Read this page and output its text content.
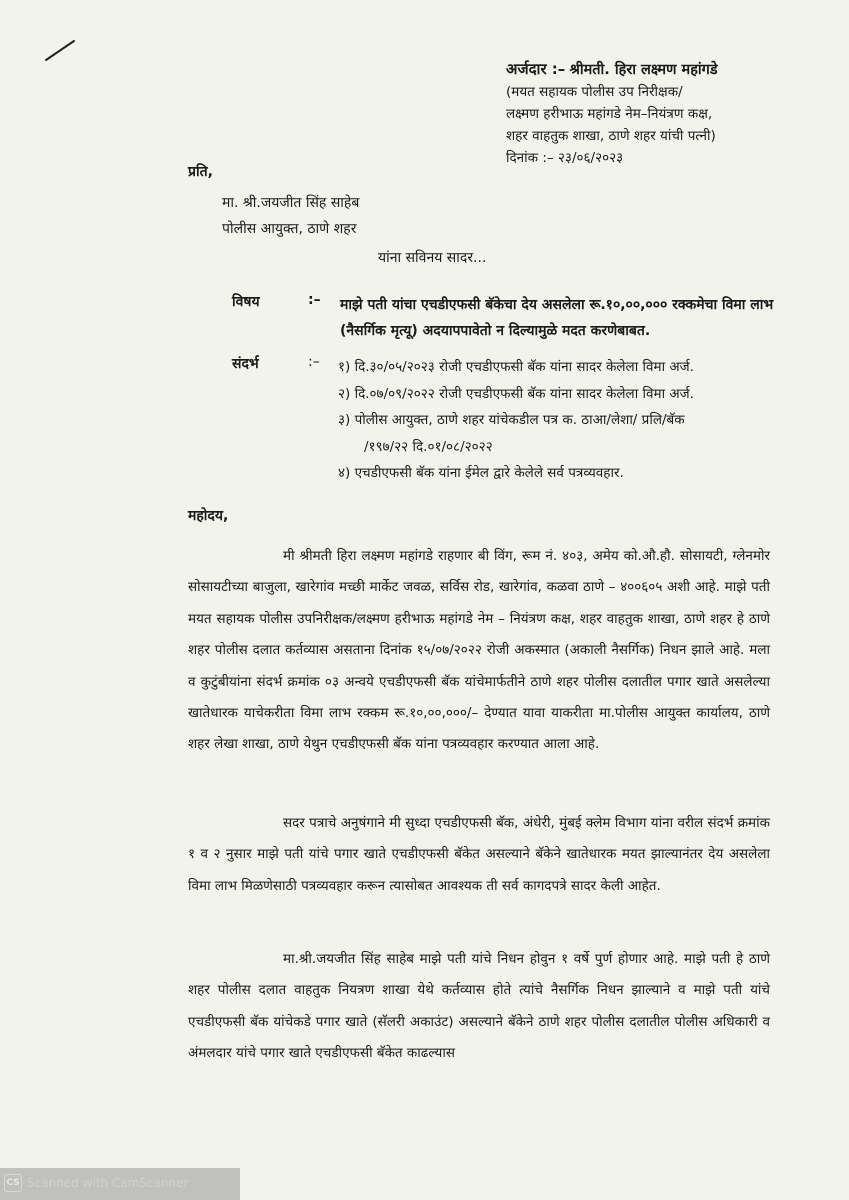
अर्जदार :– श्रीमती. हिरा लक्ष्मण महांगडे
(मयत सहायक पोलीस उप निरीक्षक/
लक्ष्मण हरीभाऊ महांगडे नेम–नियंत्रण कक्ष,
शहर वाहतुक शाखा, ठाणे शहर यांची पत्नी)
दिनांक :– २३/०६/२०२३
प्रति,
मा. श्री.जयजीत सिंह साहेब
पोलीस आयुक्त, ठाणे शहर
यांना सविनय सादर...
विषय	:– माझे पती यांचा एचडीएफसी बॅकेचा देय असलेला रू.१०,००,००० रक्कमेचा विमा लाभ (नैसर्गिक मृत्यू) अदयापपावेतो न दिल्यामुळे मदत करणेबाबत.
संदर्भ	:– १) दि.३०/०५/२०२३ रोजी एचडीएफसी बॅक यांना सादर केलेला विमा अर्ज.
२) दि.०७/०९/२०२२ रोजी एचडीएफसी बॅक यांना सादर केलेला विमा अर्ज.
३) पोलीस आयुक्त, ठाणे शहर यांचेकडील पत्र क. ठाआ/लेशा/ प्रलि/बॅक
/१९७/२२ दि.०१/०८/२०२२
४) एचडीएफसी बॅक यांना ईमेल द्वारे केलेले सर्व पत्रव्यवहार.
महोदय,
मी श्रीमती हिरा लक्ष्मण महांगडे राहणार बी विंग, रूम नं. ४०३, अमेय को.औ.हौ. सोसायटी, ग्लेनमोर सोसायटीच्या बाजुला, खारेगांव मच्छी मार्केट जवळ, सर्विस रोड, खारेगांव, कळवा ठाणे – ४००६०५ अशी आहे. माझे पती मयत सहायक पोलीस उपनिरीक्षक/लक्ष्मण हरीभाऊ महांगडे नेम – नियंत्रण कक्ष, शहर वाहतुक शाखा, ठाणे शहर हे ठाणे शहर पोलीस दलात कर्तव्यास असताना दिनांक १५/०७/२०२२ रोजी अकस्मात (अकाली नैसर्गिक) निधन झाले आहे. मला व कुटुंबीयांना संदर्भ क्रमांक ०३ अन्वये एचडीएफसी बॅक यांचेमार्फतीने ठाणे शहर पोलीस दलातील पगार खाते असलेल्या खातेधारक याचेकरीता विमा लाभ रक्कम रू.१०,००,०००/– देण्यात यावा याकरीता मा.पोलीस आयुक्त कार्यालय, ठाणे शहर लेखा शाखा, ठाणे येथुन एचडीएफसी बॅक यांना पत्रव्यवहार करण्यात आला आहे.
सदर पत्राचे अनुषंगाने मी सुध्दा एचडीएफसी बॅक, अंधेरी, मुंबई क्लेम विभाग यांना वरील संदर्भ क्रमांक १ व २ नुसार माझे पती यांचे पगार खाते एचडीएफसी बॅकेत असल्याने बॅकेने खातेधारक मयत झाल्यानंतर देय असलेला विमा लाभ मिळणेसाठी पत्रव्यवहार करून त्यासोबत आवश्यक ती सर्व कागदपत्रे सादर केली आहेत.
मा.श्री.जयजीत सिंह साहेब माझे पती यांचे निधन होवुन १ वर्षे पुर्ण होणार आहे. माझे पती हे ठाणे शहर पोलीस दलात वाहतुक नियत्रण शाखा येथे कर्तव्यास होते त्यांचे नैसर्गिक निधन झाल्याने व माझे पती यांचे एचडीएफसी बॅक यांचेकडे पगार खाते (सॅलरी अकाउंट) असल्याने बॅकेने ठाणे शहर पोलीस दलातील पोलीस अधिकारी व अंमलदार यांचे पगार खाते एचडीएफसी बॅकेत काढल्यास
CS Scanned with CamScanner
